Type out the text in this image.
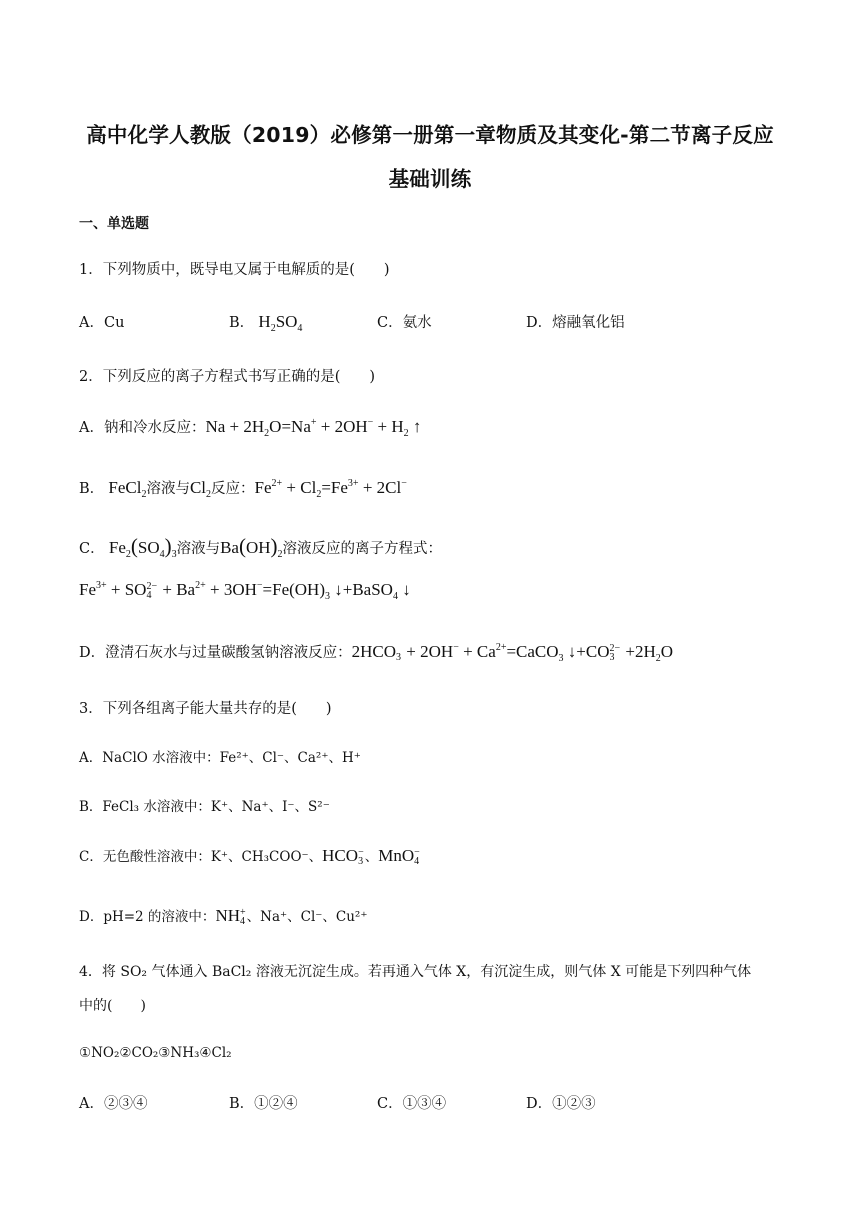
高中化学人教版（2019）必修第一册第一章物质及其变化-第二节离子反应
基础训练
一、单选题
1．下列物质中，既导电又属于电解质的是(　　)
A．Cu	B． $H_2SO_4$	C．氨水	D．熔融氧化铝
2．下列反应的离子方程式书写正确的是(　　)
A．钠和冷水反应：$Na + 2H_2O=Na^+ + 2OH^- + H_2$ ↑
B． FeCl$_2$溶液与$Cl_2$反应：$Fe^{2+} + Cl_2=Fe^{3+} + 2Cl^-$
C． $Fe_2(SO_4)_3$溶液与$Ba(OH)_2$溶液反应的离子方程式：
$Fe^{3+}$ + SO 2−
$4 + Ba^{2+} + 3OH^-=Fe(OH)_3$ ↓+BaSO$_4$ ↓
D．澄清石灰水与过量碳酸氢钠溶液反应：2HCO
$3 + 2OH^- + Ca^{2+}=CaCO_3$ ↓+CO 2−
$3 +2H_2O$
3．下列各组离子能大量共存的是(　　)
A．NaClO 水溶液中：Fe²⁺、Cl⁻、Ca²⁺、H⁺
B．FeCl₃ 水溶液中：K⁺、Na⁺、I⁻、S²⁻
C．无色酸性溶液中：K⁺、CH₃COO⁻、HCO −
3 、MnO −
4
D．pH=2 的溶液中：NH +
4 、Na⁺、Cl⁻、Cu²⁺
4．将 SO₂ 气体通入 BaCl₂ 溶液无沉淀生成。若再通入气体 X，有沉淀生成，则气体 X 可能是下列四种气体
中的(　　)
①NO₂②CO₂③NH₃④Cl₂
A．②③④	B．①②④	C．①③④	D．①②③
